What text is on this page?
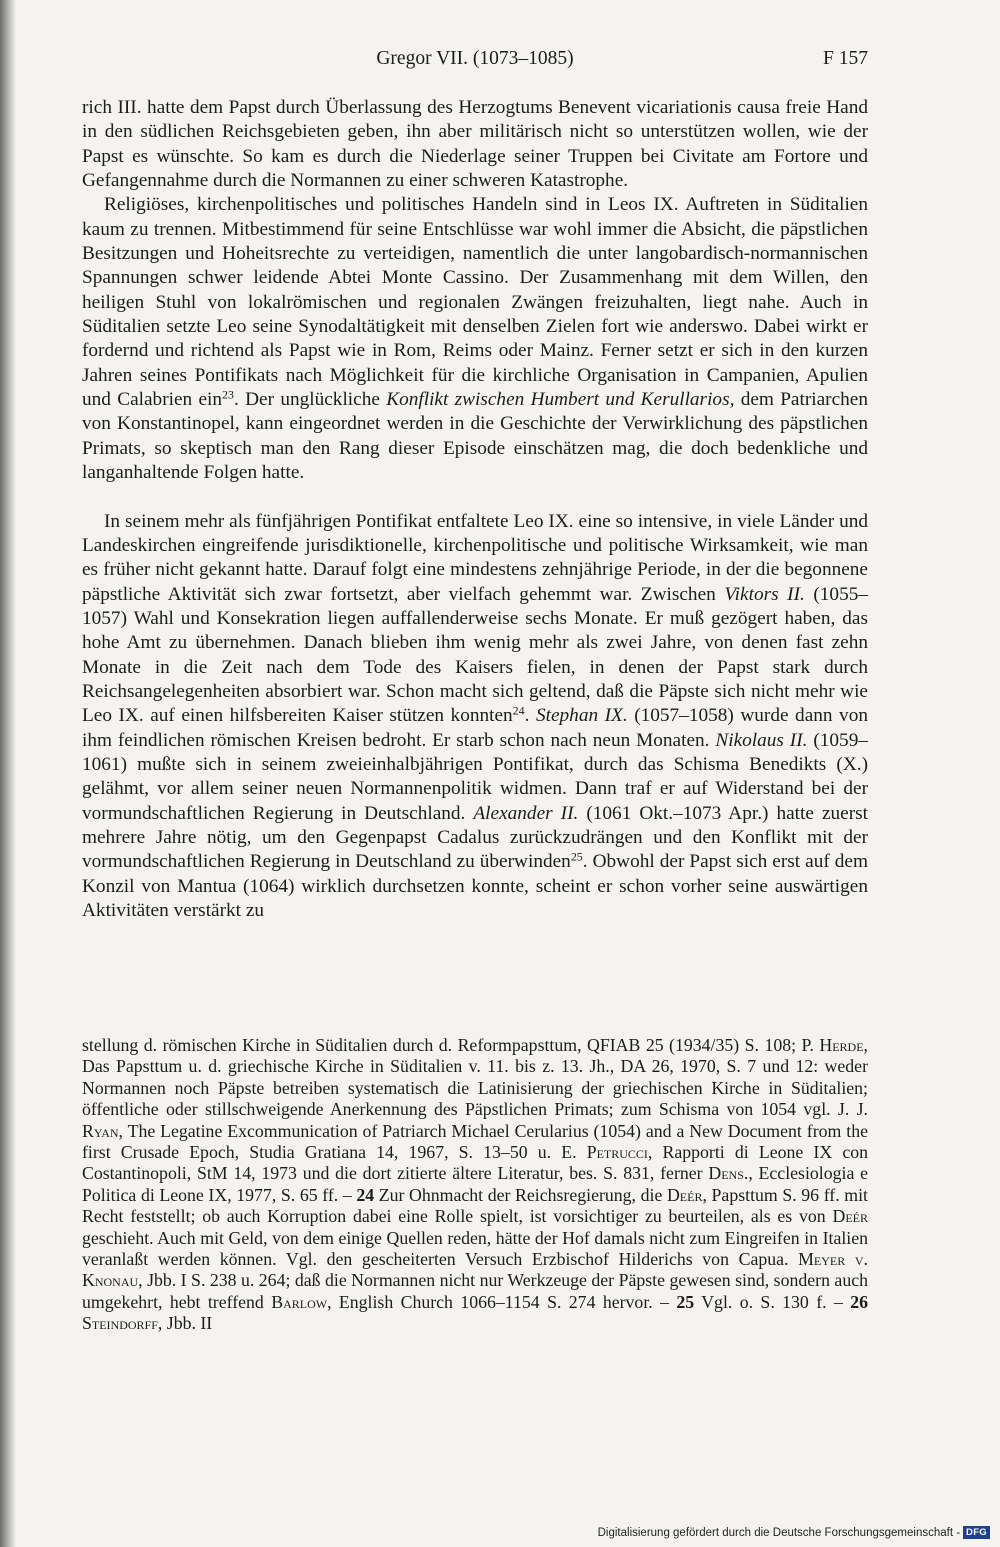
Gregor VII. (1073–1085)	F 157

rich III. hatte dem Papst durch Überlassung des Herzogtums Benevent vicariationis causa freie Hand in den südlichen Reichsgebieten geben, ihn aber militärisch nicht so unterstützen wollen, wie der Papst es wünschte. So kam es durch die Niederlage seiner Truppen bei Civitate am Fortore und Gefangennahme durch die Normannen zu einer schweren Katastrophe.

Religiöses, kirchenpolitisches und politisches Handeln sind in Leos IX. Auftreten in Süditalien kaum zu trennen. Mitbestimmend für seine Entschlüsse war wohl immer die Absicht, die päpstlichen Besitzungen und Hoheitsrechte zu verteidigen, namentlich die unter langobardisch-normannischen Spannungen schwer leidende Abtei Monte Cassino. Der Zusammenhang mit dem Willen, den heiligen Stuhl von lokalrömischen und regionalen Zwängen freizuhalten, liegt nahe. Auch in Süditalien setzte Leo seine Synodaltätigkeit mit denselben Zielen fort wie anderswo. Dabei wirkt er fordernd und richtend als Papst wie in Rom, Reims oder Mainz. Ferner setzt er sich in den kurzen Jahren seines Pontifikats nach Möglichkeit für die kirchliche Organisation in Campanien, Apulien und Calabrien ein$^{23}$. Der unglückliche Konflikt zwischen Humbert und Kerullarios, dem Patriarchen von Konstantinopel, kann eingeordnet werden in die Geschichte der Verwirklichung des päpstlichen Primats, so skeptisch man den Rang dieser Episode einschätzen mag, die doch bedenkliche und langanhaltende Folgen hatte.

In seinem mehr als fünfjährigen Pontifikat entfaltete Leo IX. eine so intensive, in viele Länder und Landeskirchen eingreifende jurisdiktionelle, kirchenpolitische und politische Wirksamkeit, wie man es früher nicht gekannt hatte. Darauf folgt eine mindestens zehnjährige Periode, in der die begonnene päpstliche Aktivität sich zwar fortsetzt, aber vielfach gehemmt war. Zwischen Viktors II. (1055–1057) Wahl und Konsekration liegen auffallenderweise sechs Monate. Er muß gezögert haben, das hohe Amt zu übernehmen. Danach blieben ihm wenig mehr als zwei Jahre, von denen fast zehn Monate in die Zeit nach dem Tode des Kaisers fielen, in denen der Papst stark durch Reichsangelegenheiten absorbiert war. Schon macht sich geltend, daß die Päpste sich nicht mehr wie Leo IX. auf einen hilfsbereiten Kaiser stützen konnten$^{24}$. Stephan IX. (1057–1058) wurde dann von ihm feindlichen römischen Kreisen bedroht. Er starb schon nach neun Monaten. Nikolaus II. (1059–1061) mußte sich in seinem zweieinhalbjährigen Pontifikat, durch das Schisma Benedikts (X.) gelähmt, vor allem seiner neuen Normannenpolitik widmen. Dann traf er auf Widerstand bei der vormundschaftlichen Regierung in Deutschland. Alexander II. (1061 Okt.–1073 Apr.) hatte zuerst mehrere Jahre nötig, um den Gegenpapst Cadalus zurückzudrängen und den Konflikt mit der vormundschaftlichen Regierung in Deutschland zu überwinden$^{25}$. Obwohl der Papst sich erst auf dem Konzil von Mantua (1064) wirklich durchsetzen konnte, scheint er schon vorher seine auswärtigen Aktivitäten verstärkt zu

stellung d. römischen Kirche in Süditalien durch d. Reformpapsttum, QFIAB 25 (1934/35) S. 108; P. Herde, Das Papsttum u. d. griechische Kirche in Süditalien v. 11. bis z. 13. Jh., DA 26, 1970, S. 7 und 12: weder Normannen noch Päpste betreiben systematisch die Latinisierung der griechischen Kirche in Süditalien; öffentliche oder stillschweigende Anerkennung des Päpstlichen Primats; zum Schisma von 1054 vgl. J. J. Ryan, The Legatine Excommunication of Patriarch Michael Cerularius (1054) and a New Document from the first Crusade Epoch, Studia Gratiana 14, 1967, S. 13–50 u. E. Petrucci, Rapporti di Leone IX con Costantinopoli, StM 14, 1973 und die dort zitierte ältere Literatur, bes. S. 831, ferner Dens., Ecclesiologia e Politica di Leone IX, 1977, S. 65 ff. – 24 Zur Ohnmacht der Reichsregierung, die Deér, Papsttum S. 96 ff. mit Recht feststellt; ob auch Korruption dabei eine Rolle spielt, ist vorsichtiger zu beurteilen, als es von Deér geschieht. Auch mit Geld, von dem einige Quellen reden, hätte der Hof damals nicht zum Eingreifen in Italien veranlaßt werden können. Vgl. den gescheiterten Versuch Erzbischof Hilderichs von Capua. Meyer v. Knonau, Jbb. I S. 238 u. 264; daß die Normannen nicht nur Werkzeuge der Päpste gewesen sind, sondern auch umgekehrt, hebt treffend Barlow, English Church 1066–1154 S. 274 hervor. – 25 Vgl. o. S. 130 f. – 26 Steindorff, Jbb. II

Digitalisierung gefördert durch die Deutsche Forschungsgemeinschaft - DFG
